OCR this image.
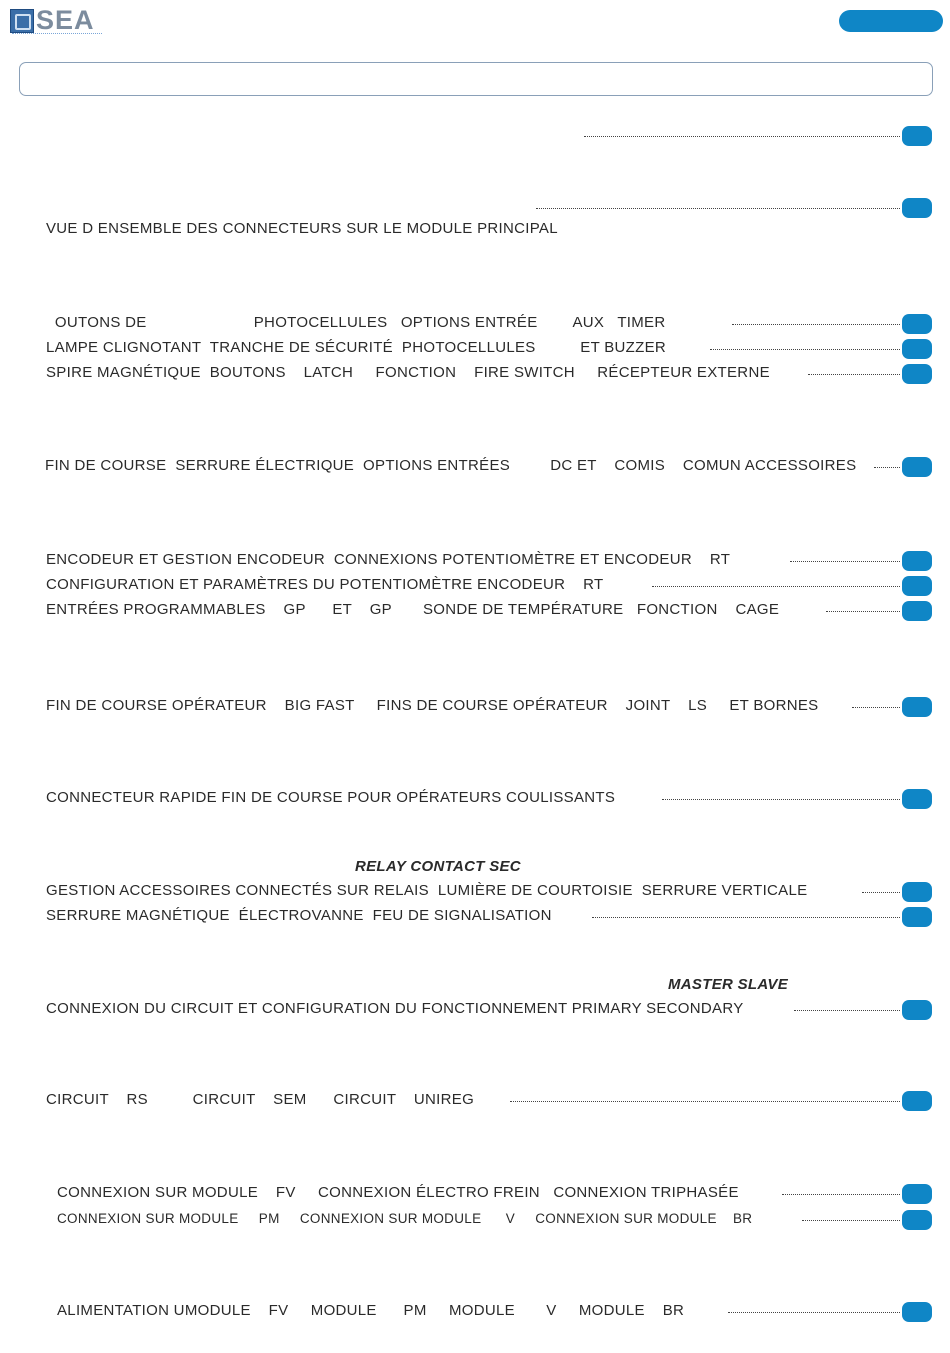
SEA
VUE D ENSEMBLE DES CONNECTEURS SUR LE MODULE PRINCIPAL
RELAY CONTACT SEC
MASTER SLAVE
OUTONS DE                        PHOTOCELLULES   OPTIONS ENTRÉE        AUX   TIMER
LAMPE CLIGNOTANT  TRANCHE DE SÉCURITÉ  PHOTOCELLULES          ET BUZZER
SPIRE MAGNÉTIQUE  BOUTONS    LATCH     FONCTION    FIRE SWITCH     RÉCEPTEUR EXTERNE
FIN DE COURSE  SERRURE ÉLECTRIQUE  OPTIONS ENTRÉES         DC ET    COMIS    COMUN ACCESSOIRES
ENCODEUR ET GESTION ENCODEUR  CONNEXIONS POTENTIOMÈTRE ET ENCODEUR    RT
CONFIGURATION ET PARAMÈTRES DU POTENTIOMÈTRE ENCODEUR    RT
ENTRÉES PROGRAMMABLES    GP      ET    GP       SONDE DE TEMPÉRATURE   FONCTION    CAGE
FIN DE COURSE OPÉRATEUR    BIG FAST     FINS DE COURSE OPÉRATEUR    JOINT    LS     ET BORNES
CONNECTEUR RAPIDE FIN DE COURSE POUR OPÉRATEURS COULISSANTS
GESTION ACCESSOIRES CONNECTÉS SUR RELAIS  LUMIÈRE DE COURTOISIE  SERRURE VERTICALE
SERRURE MAGNÉTIQUE  ÉLECTROVANNE  FEU DE SIGNALISATION
CONNEXION DU CIRCUIT ET CONFIGURATION DU FONCTIONNEMENT PRIMARY SECONDARY
CIRCUIT    RS          CIRCUIT    SEM      CIRCUIT    UNIREG
CONNEXION SUR MODULE    FV     CONNEXION ÉLECTRO FREIN   CONNEXION TRIPHASÉE
CONNEXION SUR MODULE     PM     CONNEXION SUR MODULE      V     CONNEXION SUR MODULE    BR
ALIMENTATION UMODULE    FV     MODULE      PM     MODULE       V     MODULE    BR
